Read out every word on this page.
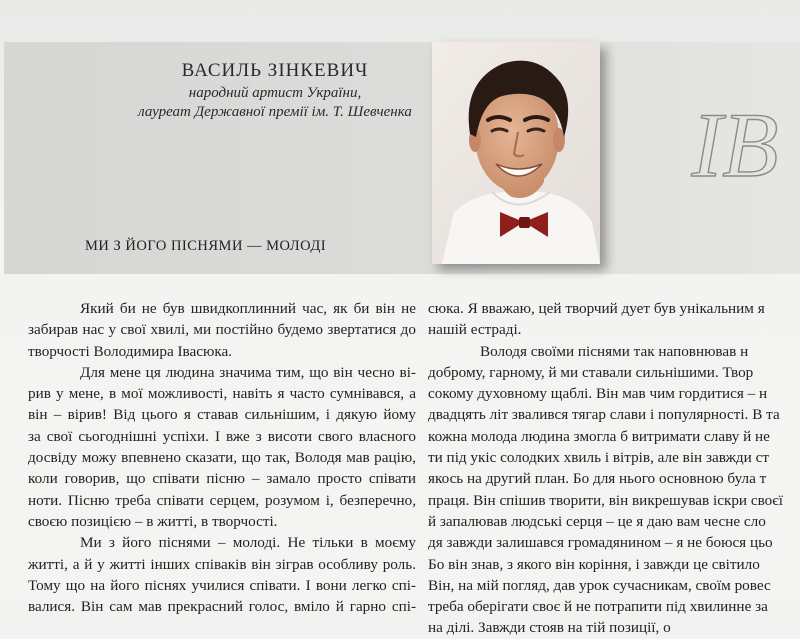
ВАСИЛЬ ЗІНКЕВИЧ
народний артист України,
лауреат Державної премії ім. Т. Шевченка
МИ З ЙОГО ПІСНЯМИ — МОЛОДІ
ІВ
Який би не був швидкоплинний час, як би він не
забирав нас у свої хвилі, ми постійно будемо звертатися до
творчості Володимира Івасюка.
Для мене ця людина значима тим, що він чесно ві-
рив у мене, в мої можливості, навіть я часто сумнівався, а
він – вірив! Від цього я ставав сильнішим, і дякую йому
за свої сьогоднішні успіхи. І вже з висоти свого власного
досвіду можу впевнено сказати, що так, Володя мав рацію,
коли говорив, що співати пісню – замало просто співати
ноти. Пісню треба співати серцем, розумом і, безперечно,
своєю позицією – в житті, в творчості.
Ми з його піснями – молоді. Не тільки в моєму
житті, а й у житті інших співаків він зіграв особливу роль.
Тому що на його піснях училися співати. І вони легко спі-
валися. Він сам мав прекрасний голос, вміло й гарно спі-
сюка. Я вважаю, цей творчий дует був унікальним я
нашій естраді.
Володя своїми піснями так наповнював н
доброму, гарному, й ми ставали сильнішими. Твор
сокому духовному щаблі. Він мав чим гордитися – н
двадцять літ звалився тягар слави і популярності. В та
кожна молода людина змогла б витримати славу й не
ти під укіс солодких хвиль і вітрів, але він завжди ст
якось на другий план. Бо для нього основною була т
праця. Він спішив творити, він викрешував іскри своєї
й запалював людські серця – це я даю вам чесне сло
дя завжди залишався громадянином – я не боюся цьо
Бо він знав, з якого він коріння, і завжди це світило
Він, на мій погляд, дав урок сучасникам, своїм ровес
треба оберігати своє й не потрапити під хвилинне за
на ділі. Завжди стояв на тій позиції, о
